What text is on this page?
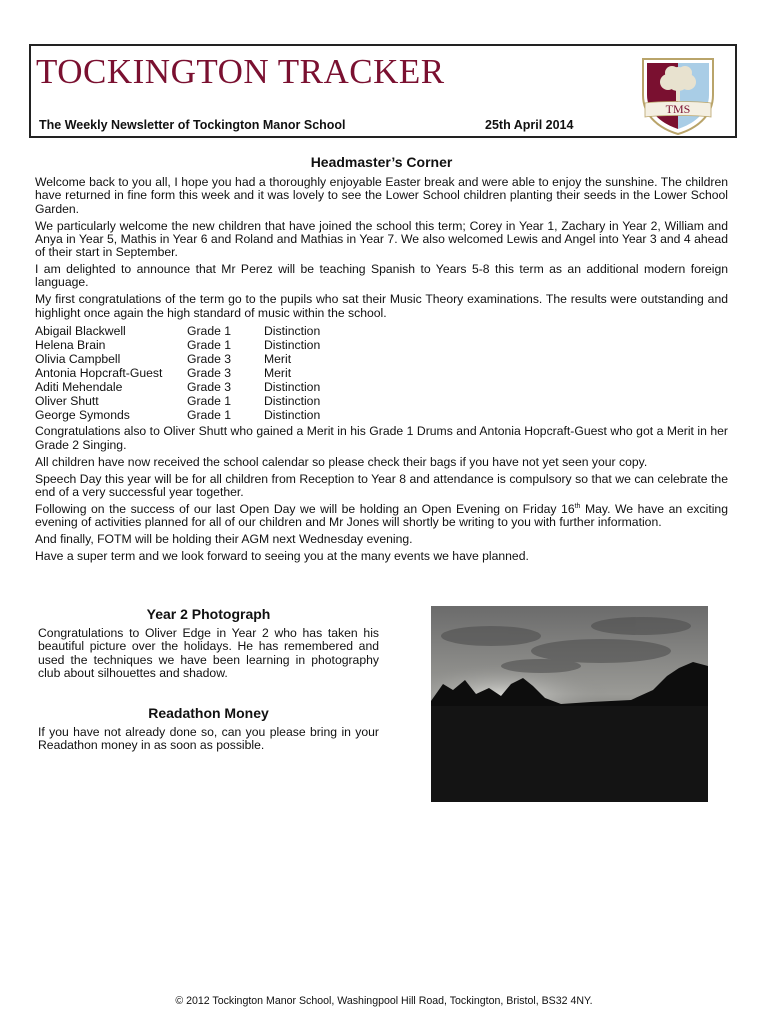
TOCKINGTON TRACKER
The Weekly Newsletter of Tockington Manor School	25th April 2014
TMS
Headmaster’s Corner

Welcome back to you all, I hope you had a thoroughly enjoyable Easter break and were able to enjoy the sunshine. The children have returned in fine form this week and it was lovely to see the Lower School children planting their seeds in the Lower School Garden.

We particularly welcome the new children that have joined the school this term; Corey in Year 1, Zachary in Year 2, William and Anya in Year 5, Mathis in Year 6 and Roland and Mathias in Year 7. We also welcomed Lewis and Angel into Year 3 and 4 ahead of their start in September.

I am delighted to announce that Mr Perez will be teaching Spanish to Years 5-8 this term as an additional modern foreign language.

My first congratulations of the term go to the pupils who sat their Music Theory examinations. The results were outstanding and highlight once again the high standard of music within the school.

Abigail Blackwell	Grade 1	Distinction
Helena Brain	Grade 1	Distinction
Olivia Campbell	Grade 3	Merit
Antonia Hopcraft-Guest	Grade 3	Merit
Aditi Mehendale	Grade 3	Distinction
Oliver Shutt	Grade 1	Distinction
George Symonds	Grade 1	Distinction

Congratulations also to Oliver Shutt who gained a Merit in his Grade 1 Drums and Antonia Hopcraft-Guest who got a Merit in her Grade 2 Singing.

All children have now received the school calendar so please check their bags if you have not yet seen your copy.

Speech Day this year will be for all children from Reception to Year 8 and attendance is compulsory so that we can celebrate the end of a very successful year together.

Following on the success of our last Open Day we will be holding an Open Evening on Friday 16th May. We have an exciting evening of activities planned for all of our children and Mr Jones will shortly be writing to you with further information.

And finally, FOTM will be holding their AGM next Wednesday evening.

Have a super term and we look forward to seeing you at the many events we have planned.

Year 2 Photograph

Congratulations to Oliver Edge in Year 2 who has taken his beautiful picture over the holidays. He has remembered and used the techniques we have been learning in photography club about silhouettes and shadow.

Readathon Money

If you have not already done so, can you please bring in your Readathon money in as soon as possible.

© 2012 Tockington Manor School, Washingpool Hill Road, Tockington, Bristol, BS32 4NY.
